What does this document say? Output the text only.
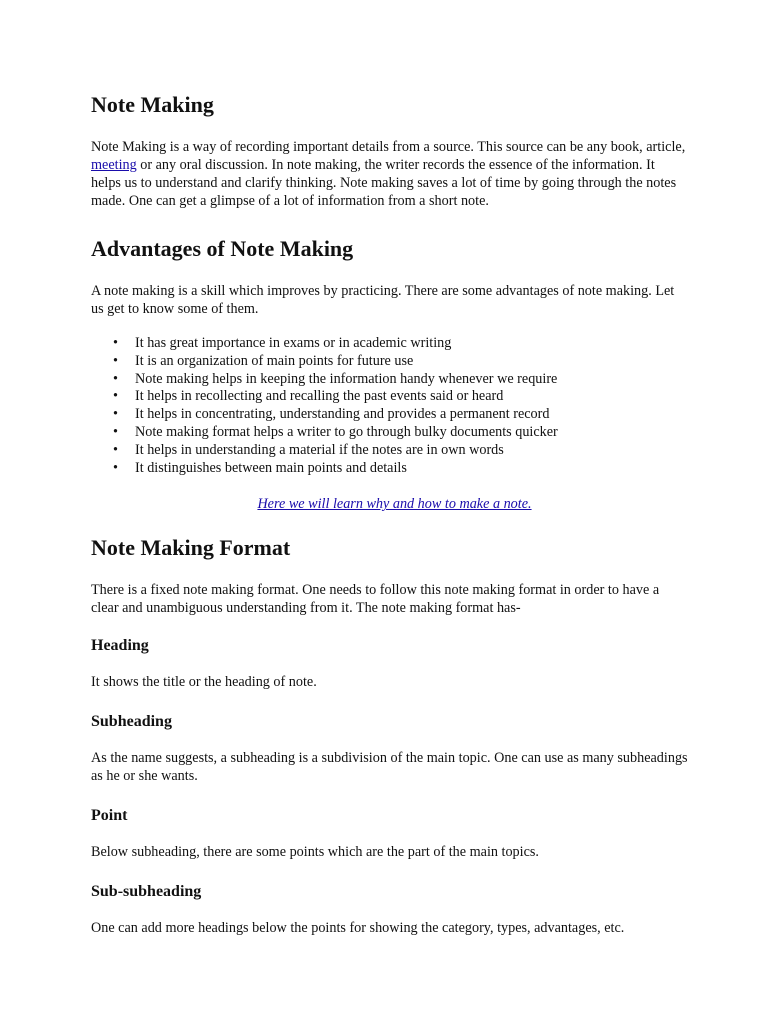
Note Making

Note Making is a way of recording important details from a source. This source can be any book, article, meeting or any oral discussion. In note making, the writer records the essence of the information. It helps us to understand and clarify thinking. Note making saves a lot of time by going through the notes made. One can get a glimpse of a lot of information from a short note.

Advantages of Note Making

A note making is a skill which improves by practicing. There are some advantages of note making. Let us get to know some of them.

• It has great importance in exams or in academic writing
• It is an organization of main points for future use
• Note making helps in keeping the information handy whenever we require
• It helps in recollecting and recalling the past events said or heard
• It helps in concentrating, understanding and provides a permanent record
• Note making format helps a writer to go through bulky documents quicker
• It helps in understanding a material if the notes are in own words
• It distinguishes between main points and details
Here we will learn why and how to make a note.
Note Making Format

There is a fixed note making format. One needs to follow this note making format in order to have a clear and unambiguous understanding from it. The note making format has-

Heading

It shows the title or the heading of note.

Subheading

As the name suggests, a subheading is a subdivision of the main topic. One can use as many subheadings as he or she wants.

Point

Below subheading, there are some points which are the part of the main topics.

Sub-subheading

One can add more headings below the points for showing the category, types, advantages, etc.
